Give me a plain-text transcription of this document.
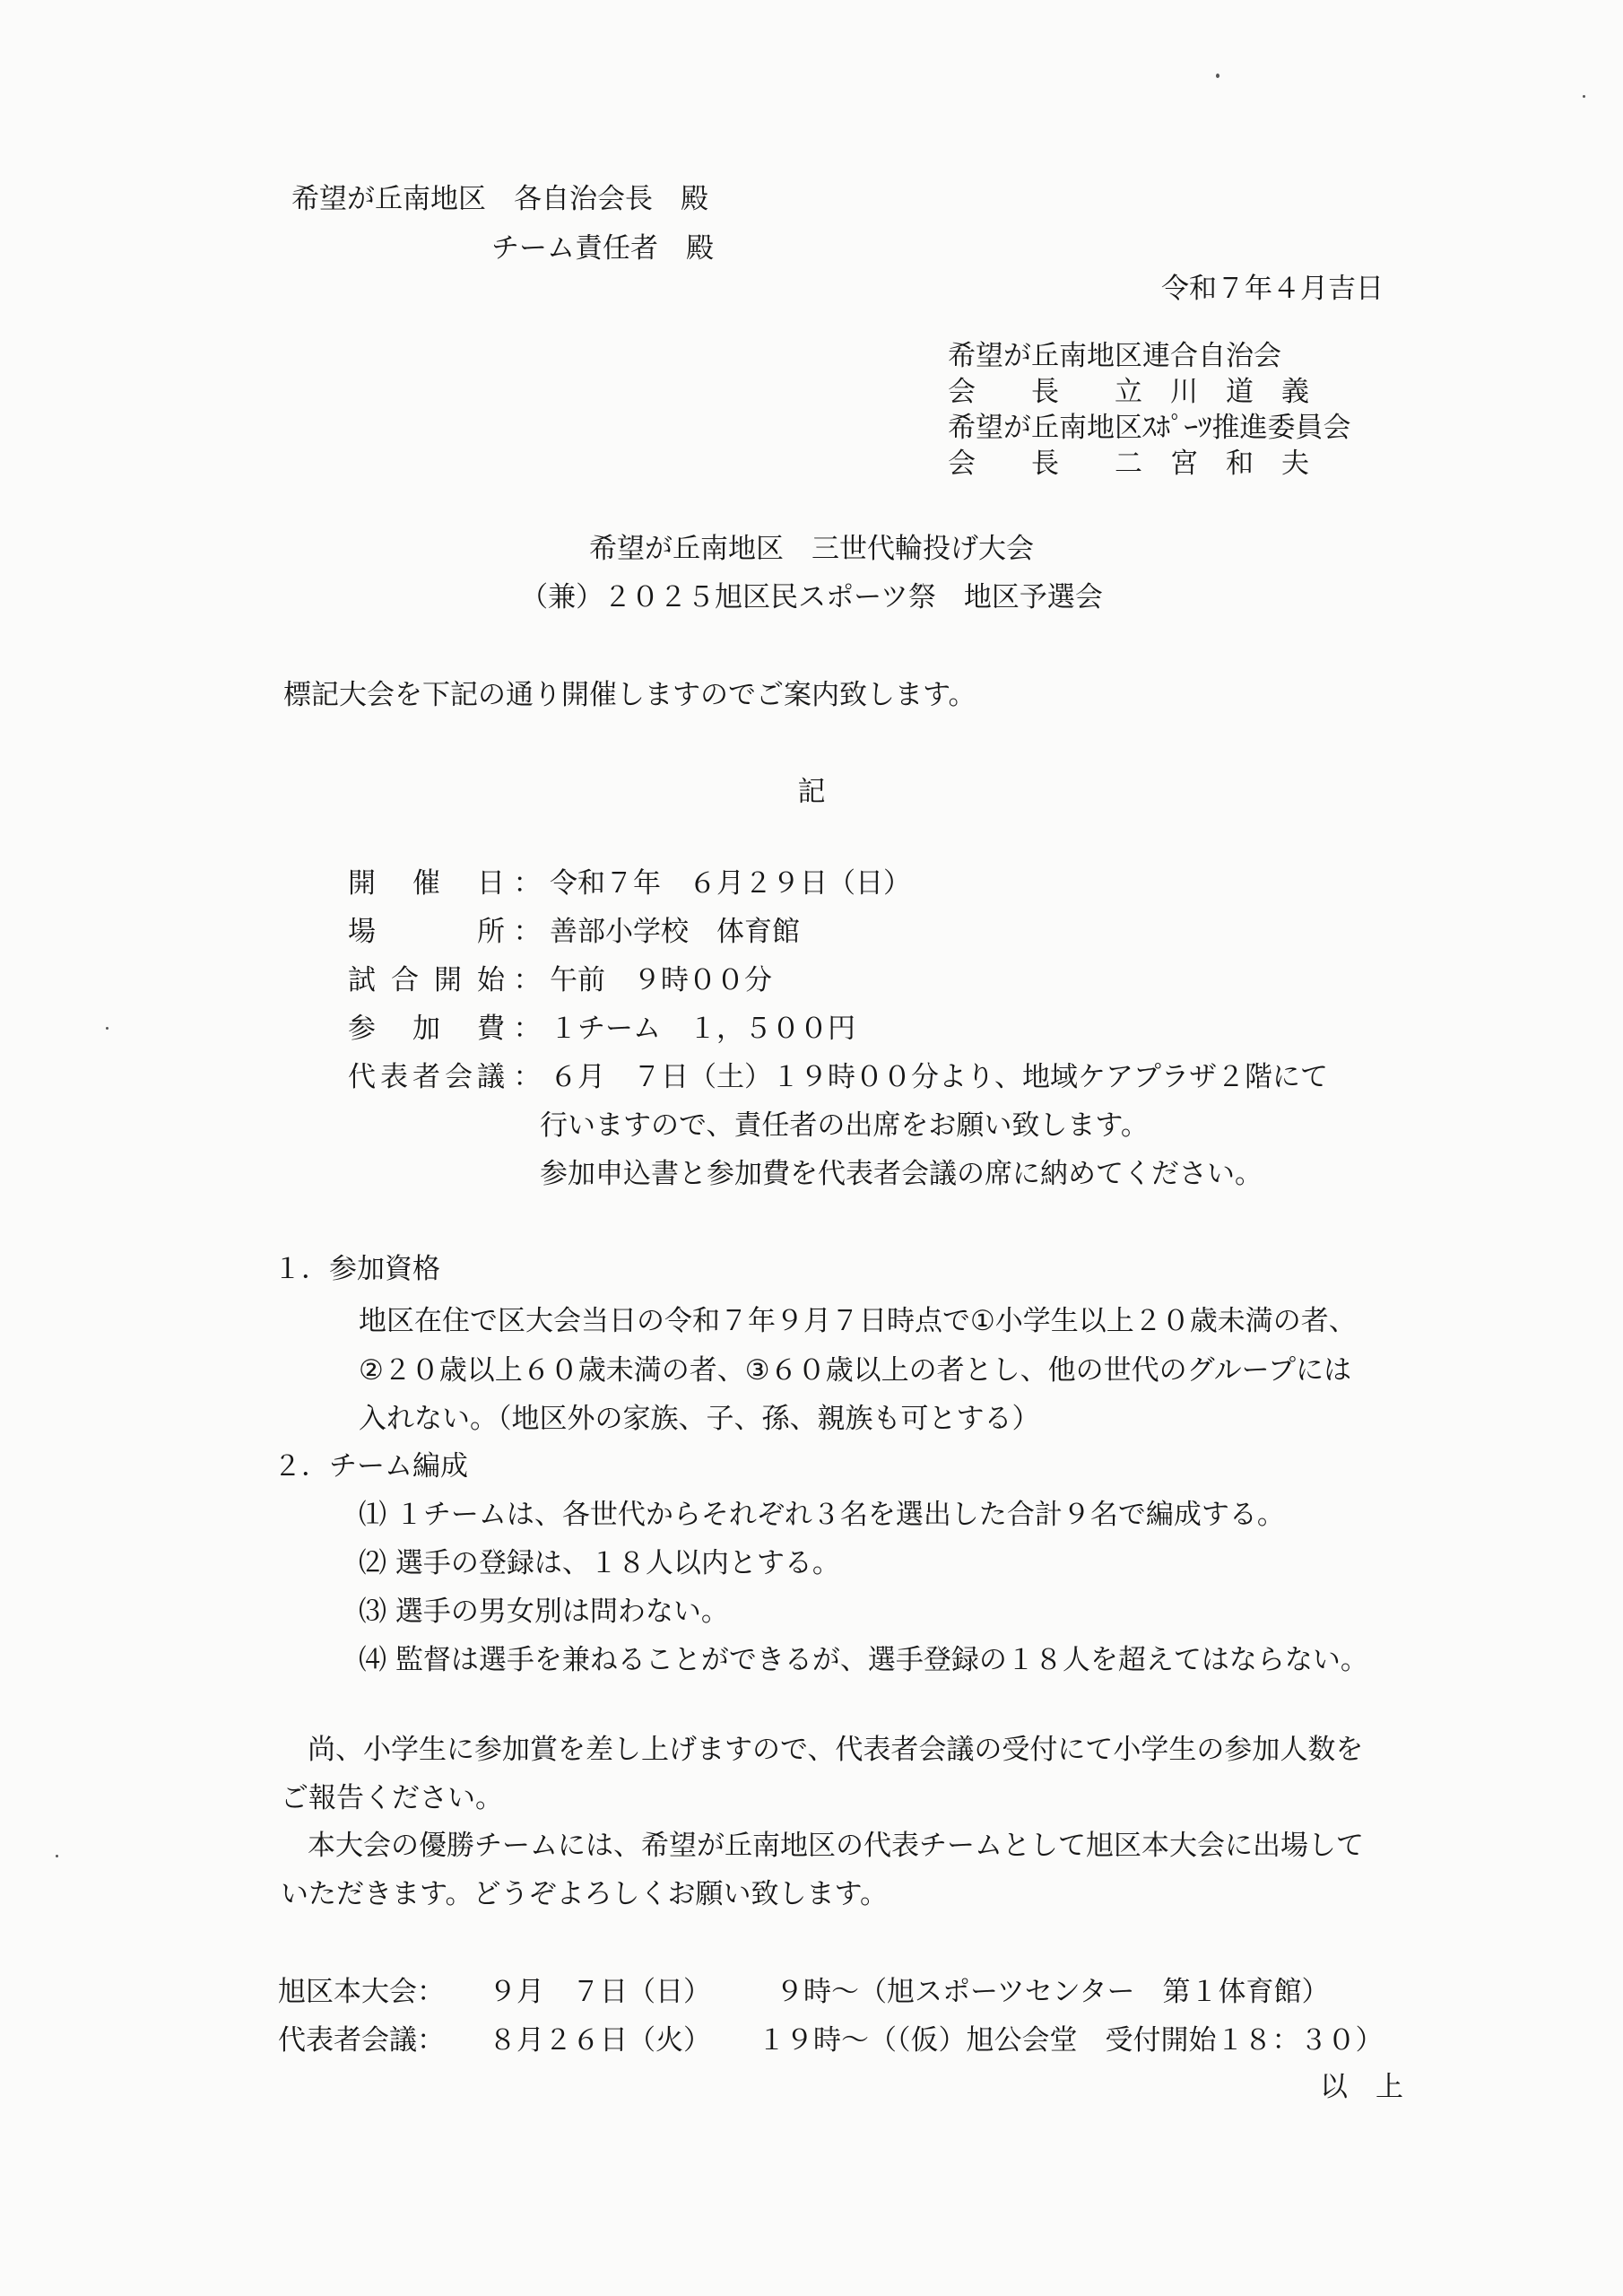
希望が丘南地区　各自治会長　殿
チーム責任者　殿
令和７年４月吉日
希望が丘南地区連合自治会
会　　長　　立　川　道　義
希望が丘南地区ｽﾎﾟｰﾂ推進委員会
会　　長　　二　宮　和　夫
希望が丘南地区　三世代輪投げ大会
（兼）２０２５旭区民スポーツ祭　地区予選会
標記大会を下記の通り開催しますのでご案内致します。
記
開催日 ： 令和７年　６月２９日（日）
場所 ： 善部小学校　体育館
試合開始 ： 午前　９時００分
参加費 ： １チーム　１，５００円
代表者会議 ： ６月　７日（土）１９時００分より、地域ケアプラザ２階にて
行いますので、責任者の出席をお願い致します。
参加申込書と参加費を代表者会議の席に納めてください。
１．参加資格
地区在住で区大会当日の令和７年９月７日時点で①小学生以上２０歳未満の者、
②２０歳以上６０歳未満の者、③６０歳以上の者とし、他の世代のグループには
入れない。（地区外の家族、子、孫、親族も可とする）
２．チーム編成
⑴ １チームは、各世代からそれぞれ３名を選出した合計９名で編成する。
⑵ 選手の登録は、１８人以内とする。
⑶ 選手の男女別は問わない。
⑷ 監督は選手を兼ねることができるが、選手登録の１８人を超えてはならない。
尚、小学生に参加賞を差し上げますので、代表者会議の受付にて小学生の参加人数を
ご報告ください。
本大会の優勝チームには、希望が丘南地区の代表チームとして旭区本大会に出場して
いただきます。どうぞよろしくお願い致します。
旭区本大会： ９月　７日（日） ９時～（旭スポーツセンター　第１体育館）
代表者会議： ８月２６日（火） １９時～（（仮）旭公会堂　受付開始１８：３０）
以　上
